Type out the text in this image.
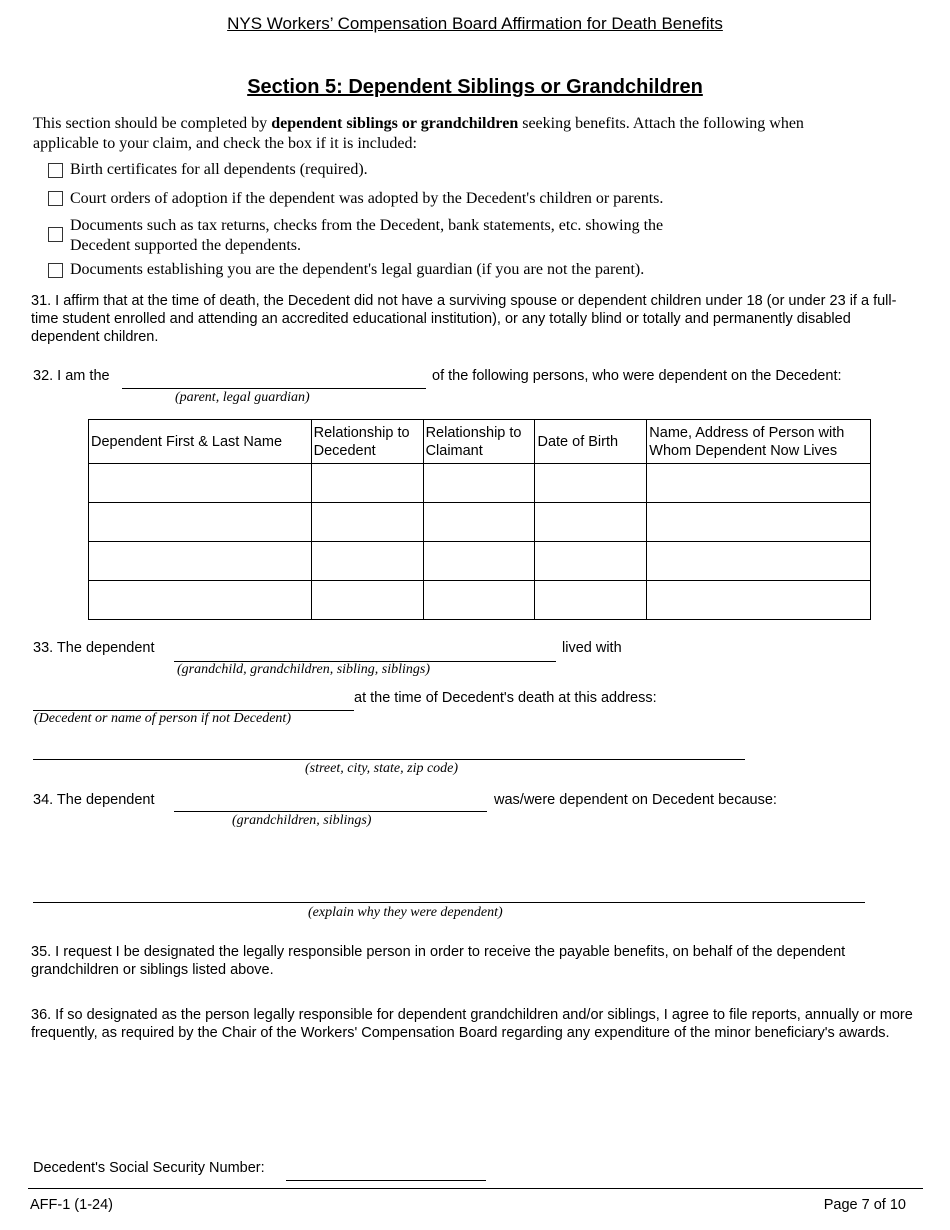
NYS Workers’ Compensation Board Affirmation for Death Benefits
Section 5: Dependent Siblings or Grandchildren
This section should be completed by dependent siblings or grandchildren seeking benefits. Attach the following when applicable to your claim, and check the box if it is included:
Birth certificates for all dependents (required).
Court orders of adoption if the dependent was adopted by the Decedent's children or parents.
Documents such as tax returns, checks from the Decedent, bank statements, etc. showing the Decedent supported the dependents.
Documents establishing you are the dependent's legal guardian (if you are not the parent).
31. I affirm that at the time of death, the Decedent did not have a surviving spouse or dependent children under 18 (or under 23 if a full-time student enrolled and attending an accredited educational institution), or any totally blind or totally and permanently disabled dependent children.
32. I am the	of the following persons, who were dependent on the Decedent:
(parent, legal guardian)
Dependent First & Last Name	Relationship to Decedent	Relationship to Claimant	Date of Birth	Name, Address of Person with Whom Dependent Now Lives

33. The dependent
(grandchild, grandchildren, sibling, siblings)
lived with
at the time of Decedent's death at this address:
(Decedent or name of person if not Decedent)
(street, city, state, zip code)
34. The dependent
(grandchildren, siblings)
was/were dependent on Decedent because:
(explain why they were dependent)
35. I request I be designated the legally responsible person in order to receive the payable benefits, on behalf of the dependent grandchildren or siblings listed above.
36. If so designated as the person legally responsible for dependent grandchildren and/or siblings, I agree to file reports, annually or more frequently, as required by the Chair of the Workers' Compensation Board regarding any expenditure of the minor beneficiary's awards.
Decedent's Social Security Number:
AFF-1 (1-24)	Page 7 of 10
